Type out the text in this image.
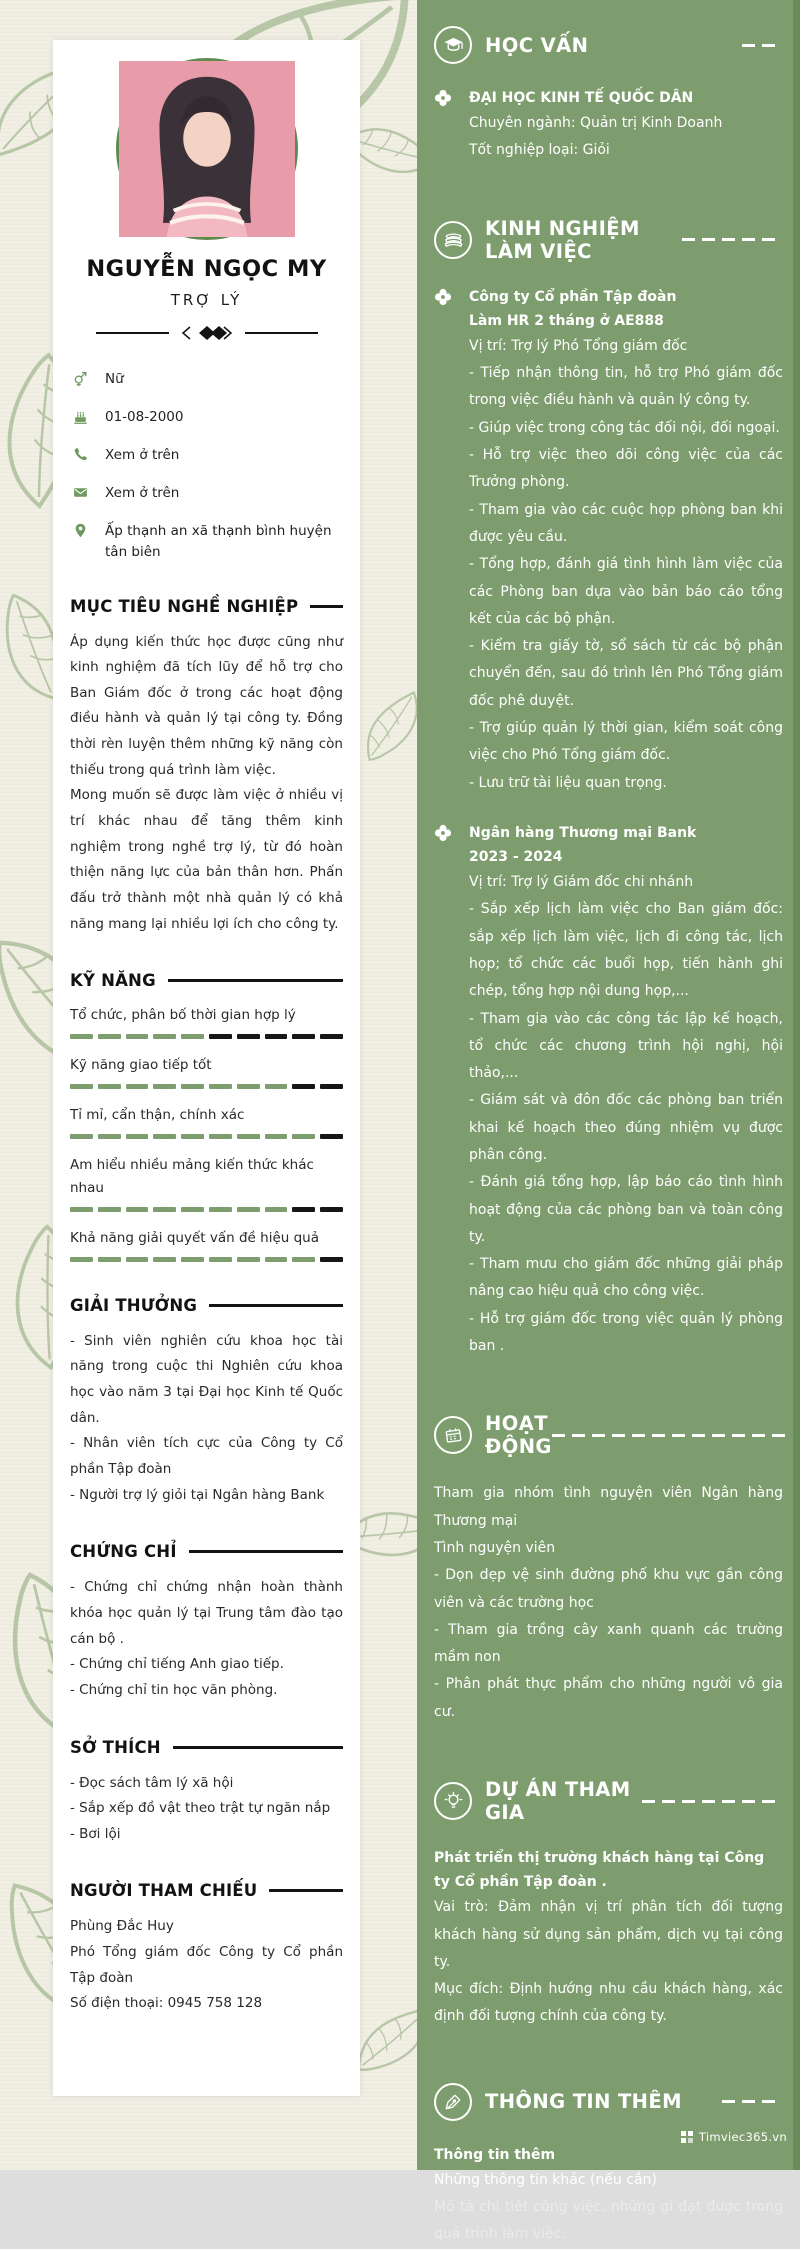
NGUYỄN NGỌC MY
TRỢ LÝ
Nữ
01-08-2000
Xem ở trên
Xem ở trên
Ấp thạnh an xã thạnh bình huyện tân biên
MỤC TIÊU NGHỀ NGHIỆP

Áp dụng kiến thức học được cũng như kinh nghiệm đã tích lũy để hỗ trợ cho Ban Giám đốc ở trong các hoạt động điều hành và quản lý tại công ty. Đồng thời rèn luyện thêm những kỹ năng còn thiếu trong quá trình làm việc.

Mong muốn sẽ được làm việc ở nhiều vị trí khác nhau để tăng thêm kinh nghiệm trong nghề trợ lý, từ đó hoàn thiện năng lực của bản thân hơn. Phấn đấu trở thành một nhà quản lý có khả năng mang lại nhiều lợi ích cho công ty.

KỸ NĂNG
Tổ chức, phân bố thời gian hợp lý
Kỹ năng giao tiếp tốt
Tỉ mỉ, cẩn thận, chính xác
Am hiểu nhiều mảng kiến thức khác nhau
Khả năng giải quyết vấn đề hiệu quả
GIẢI THƯỞNG

- Sinh viên nghiên cứu khoa học tài năng trong cuộc thi Nghiên cứu khoa học vào năm 3 tại Đại học Kinh tế Quốc dân.

- Nhân viên tích cực của Công ty Cổ phần Tập đoàn

- Người trợ lý giỏi tại Ngân hàng Bank

CHỨNG CHỈ

- Chứng chỉ chứng nhận hoàn thành khóa học quản lý tại Trung tâm đào tạo cán bộ .

- Chứng chỉ tiếng Anh giao tiếp.

- Chứng chỉ tin học văn phòng.

SỞ THÍCH

- Đọc sách tâm lý xã hội

- Sắp xếp đồ vật theo trật tự ngăn nắp

- Bơi lội

NGƯỜI THAM CHIẾU

Phùng Đắc Huy

Phó Tổng giám đốc Công ty Cổ phần Tập đoàn

Số điện thoại: 0945 758 128

HỌC VẤN

ĐẠI HỌC KINH TẾ QUỐC DÂN

Chuyên ngành: Quản trị Kinh Doanh

Tốt nghiệp loại: Giỏi

KINH NGHIỆM LÀM VIỆC

Công ty Cổ phần Tập đoàn

Làm HR 2 tháng ở AE888

Vị trí: Trợ lý Phó Tổng giám đốc

- Tiếp nhận thông tin, hỗ trợ Phó giám đốc trong việc điều hành và quản lý công ty.

- Giúp việc trong công tác đối nội, đối ngoại.

- Hỗ trợ việc theo dõi công việc của các Trưởng phòng.

- Tham gia vào các cuộc họp phòng ban khi được yêu cầu.

- Tổng hợp, đánh giá tình hình làm việc của các Phòng ban dựa vào bản báo cáo tổng kết của các bộ phận.

- Kiểm tra giấy tờ, sổ sách từ các bộ phận chuyển đến, sau đó trình lên Phó Tổng giám đốc phê duyệt.

- Trợ giúp quản lý thời gian, kiểm soát công việc cho Phó Tổng giám đốc.

- Lưu trữ tài liệu quan trọng.

Ngân hàng Thương mại Bank

2023 - 2024

Vị trí: Trợ lý Giám đốc chi nhánh

- Sắp xếp lịch làm việc cho Ban giám đốc: sắp xếp lịch làm việc, lịch đi công tác, lịch họp; tổ chức các buổi họp, tiến hành ghi chép, tổng hợp nội dung họp,...

- Tham gia vào các công tác lập kế hoạch, tổ chức các chương trình hội nghị, hội thảo,...

- Giám sát và đôn đốc các phòng ban triển khai kế hoạch theo đúng nhiệm vụ được phân công.

- Đánh giá tổng hợp, lập báo cáo tình hình hoạt động của các phòng ban và toàn công ty.

- Tham mưu cho giám đốc những giải pháp nâng cao hiệu quả cho công việc.

- Hỗ trợ giám đốc trong việc quản lý phòng ban .

HOẠT ĐỘNG

Tham gia nhóm tình nguyện viên Ngân hàng Thương mại

Tình nguyện viên

- Dọn dẹp vệ sinh đường phố khu vực gần công viên và các trường học

- Tham gia trồng cây xanh quanh các trường mầm non

- Phân phát thực phẩm cho những người vô gia cư.

DỰ ÁN THAM GIA

Phát triển thị trường khách hàng tại Công ty Cổ phần Tập đoàn .

Vai trò: Đảm nhận vị trí phân tích đối tượng khách hàng sử dụng sản phẩm, dịch vụ tại công ty.

Mục đích: Định hướng nhu cầu khách hàng, xác định đối tượng chính của công ty.

THÔNG TIN THÊM

Thông tin thêm

Những thông tin khác (nếu cần)

Mô tả chi tiết công việc, những gì đạt được trong quá trình làm việc.

Timviec365.vn
